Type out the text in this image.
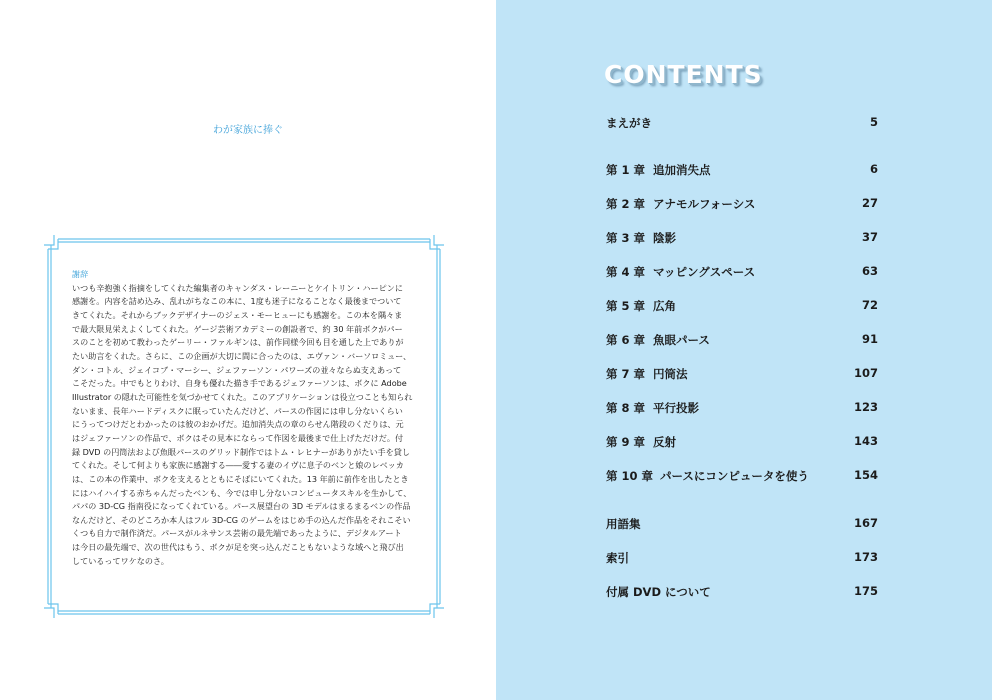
わが家族に捧ぐ
謝辞
いつも辛抱強く指摘をしてくれた編集者のキャンダス・レーニーとケイトリン・ハーピンに
感謝を。内容を詰め込み、乱れがちなこの本に、1度も迷子になることなく最後までついて
きてくれた。それからブックデザイナーのジェス・モーヒューにも感謝を。この本を隅々ま
で最大限見栄えよくしてくれた。ゲージ芸術アカデミーの創設者で、約 30 年前ボクがパー
スのことを初めて教わったゲーリー・ファルギンは、前作同様今回も目を通した上でありが
たい助言をくれた。さらに、この企画が大切に間に合ったのは、エヴァン・バーソロミュー、
ダン・コトル、ジェイコブ・マーシー、ジェファーソン・パワーズの並々ならぬ支えあって
こそだった。中でもとりわけ、自身も優れた描き手であるジェファーソンは、ボクに Adobe
Illustrator の隠れた可能性を気づかせてくれた。このアプリケーションは役立つことも知られ
ないまま、長年ハードディスクに眠っていたんだけど、パースの作図には申し分ないくらい
にうってつけだとわかったのは彼のおかげだ。追加消失点の章のらせん階段のくだりは、元
はジェファーソンの作品で、ボクはその見本にならって作図を最後まで仕上げただけだ。付
録 DVD の円筒法および魚眼パースのグリッド制作ではトム・レヒナーがありがたい手を貸し
てくれた。そして何よりも家族に感謝する――愛する妻のイヴに息子のベンと娘のレベッカ
は、この本の作業中、ボクを支えるとともにそばにいてくれた。13 年前に前作を出したとき
にはハイハイする赤ちゃんだったベンも、今では申し分ないコンピュータスキルを生かして、
パパの 3D-CG 指南役になってくれている。パース展望台の 3D モデルはまるまるベンの作品
なんだけど、そのどころか本人はフル 3D-CG のゲームをはじめ手の込んだ作品をそれこそい
くつも自力で制作済だ。パースがルネサンス芸術の最先端であったように、デジタルアート
は今日の最先端で、次の世代はもう、ボクが足を突っ込んだこともないような域へと飛び出
しているってワケなのさ。
CONTENTS
まえがき	5
第 1 章 追加消失点	6
第 2 章 アナモルフォーシス	27
第 3 章 陰影	37
第 4 章 マッピングスペース	63
第 5 章 広角	72
第 6 章 魚眼パース	91
第 7 章 円筒法	107
第 8 章 平行投影	123
第 9 章 反射	143
第 10 章 パースにコンピュータを使う	154
用語集	167
索引	173
付属 DVD について	175
